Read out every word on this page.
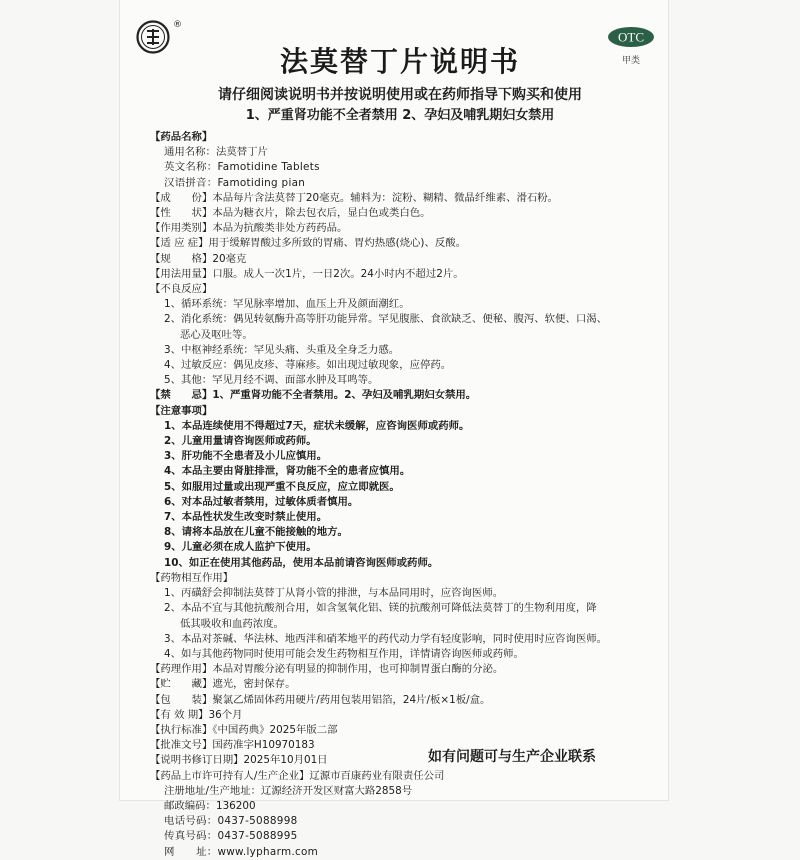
®
OTC
甲类
法莫替丁片说明书
请仔细阅读说明书并按说明使用或在药师指导下购买和使用
1、严重肾功能不全者禁用 2、孕妇及哺乳期妇女禁用
【药品名称】
通用名称：法莫替丁片
英文名称：Famotidine Tablets
汉语拼音：Famotiding pian
【成　　份】本品每片含法莫替丁20毫克。辅料为：淀粉、糊精、微晶纤维素、滑石粉。
【性　　状】本品为糖衣片，除去包衣后，显白色或类白色。
【作用类别】本品为抗酸类非处方药药品。
【适 应 症】用于缓解胃酸过多所致的胃痛、胃灼热感(烧心)、反酸。
【规　　格】20毫克
【用法用量】口服。成人一次1片，一日2次。24小时内不超过2片。
【不良反应】
1、循环系统：罕见脉率增加、血压上升及颜面潮红。
2、消化系统：偶见转氨酶升高等肝功能异常。罕见腹胀、食欲缺乏、便秘、腹泻、软便、口渴、
恶心及呕吐等。
3、中枢神经系统：罕见头痛、头重及全身乏力感。
4、过敏反应：偶见皮疹、荨麻疹。如出现过敏现象，应停药。
5、其他：罕见月经不调、面部水肿及耳鸣等。
【禁　　忌】1、严重肾功能不全者禁用。2、孕妇及哺乳期妇女禁用。
【注意事项】
1、本品连续使用不得超过7天，症状未缓解，应咨询医师或药师。
2、儿童用量请咨询医师或药师。
3、肝功能不全患者及小儿应慎用。
4、本品主要由肾脏排泄，肾功能不全的患者应慎用。
5、如服用过量或出现严重不良反应，应立即就医。
6、对本品过敏者禁用，过敏体质者慎用。
7、本品性状发生改变时禁止使用。
8、请将本品放在儿童不能接触的地方。
9、儿童必须在成人监护下使用。
10、如正在使用其他药品，使用本品前请咨询医师或药师。
【药物相互作用】
1、丙磺舒会抑制法莫替丁从肾小管的排泄，与本品同用时，应咨询医师。
2、本品不宜与其他抗酸剂合用，如含氢氧化铝、镁的抗酸剂可降低法莫替丁的生物利用度，降
低其吸收和血药浓度。
3、本品对茶碱、华法林、地西泮和硝苯地平的药代动力学有轻度影响，同时使用时应咨询医师。
4、如与其他药物同时使用可能会发生药物相互作用，详情请咨询医师或药师。
【药理作用】本品对胃酸分泌有明显的抑制作用，也可抑制胃蛋白酶的分泌。
【贮　　藏】遮光，密封保存。
【包　　装】聚氯乙烯固体药用硬片/药用包装用铝箔，24片/板×1板/盒。
【有 效 期】36个月
【执行标准】《中国药典》2025年版二部
【批准文号】国药准字H10970183
【说明书修订日期】2025年10月01日
【药品上市许可持有人/生产企业】辽源市百康药业有限责任公司
注册地址/生产地址：辽源经济开发区财富大路2858号
邮政编码：136200
电话号码：0437-5088998
传真号码：0437-5088995
网　　址：www.lypharm.com
如有问题可与生产企业联系
